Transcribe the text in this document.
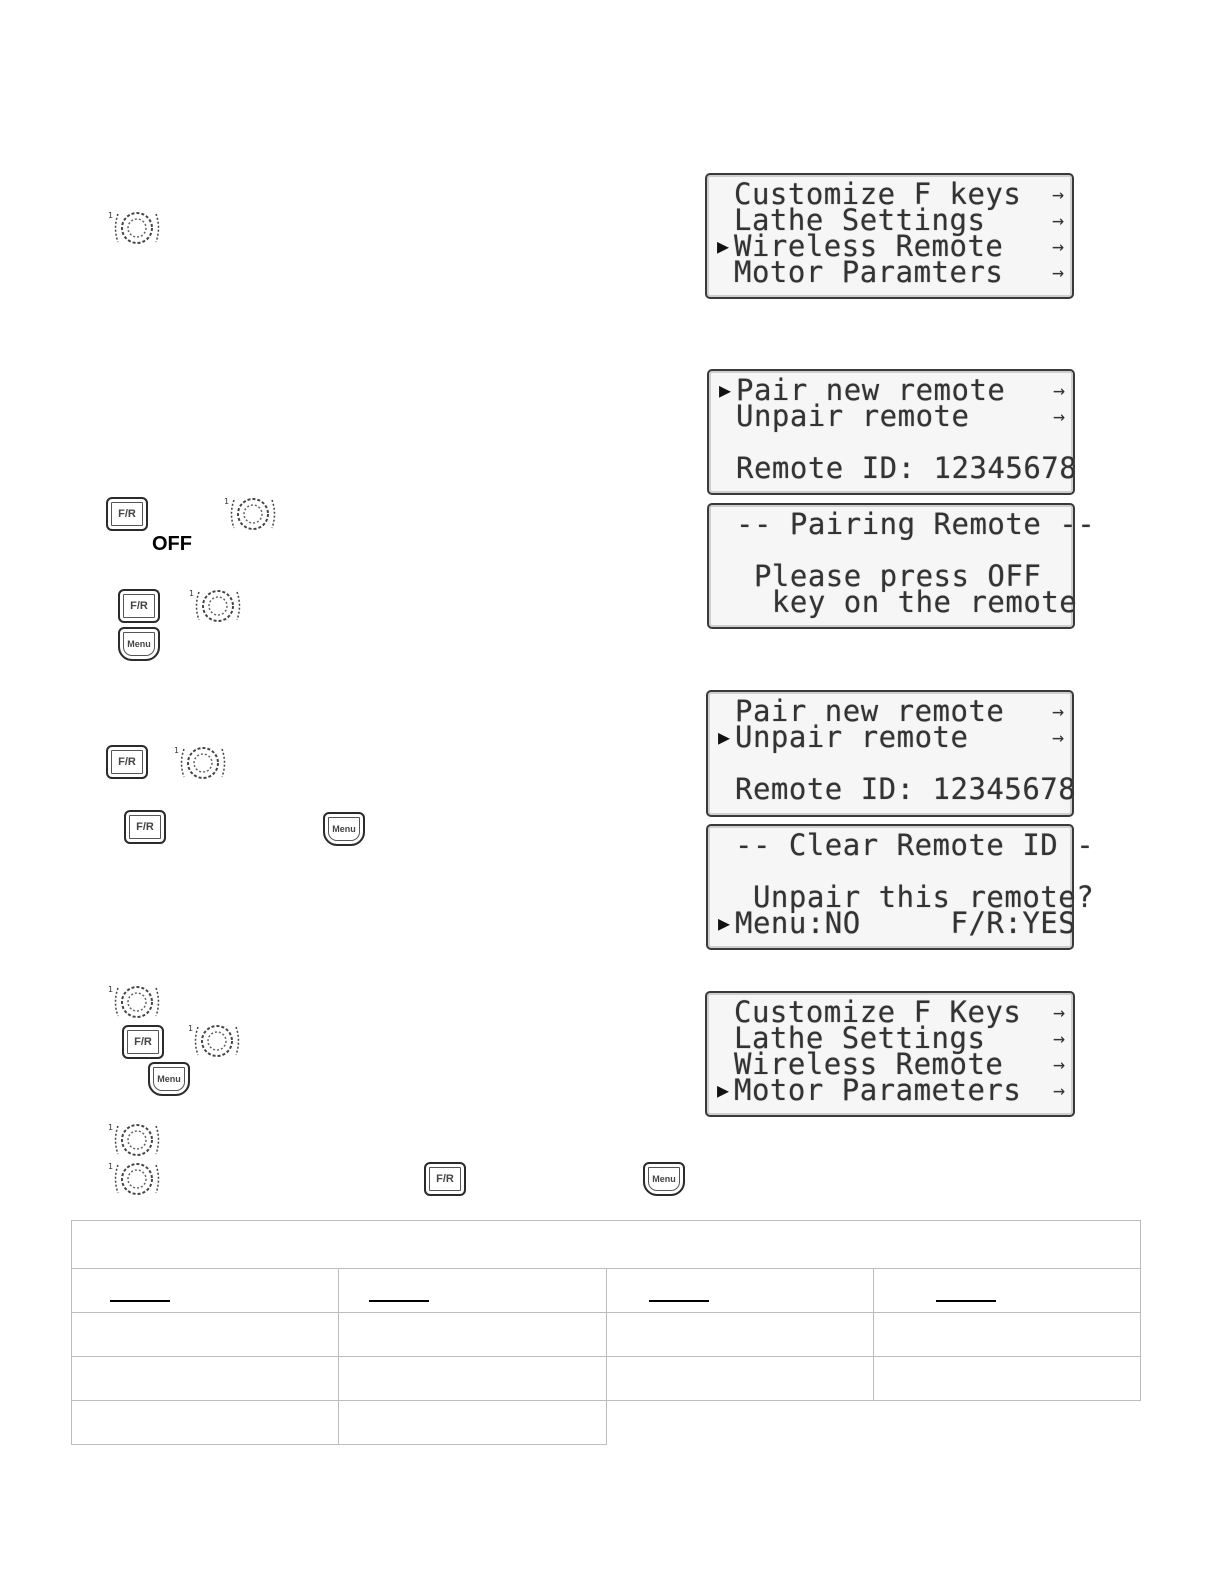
Customize F keys	→
Lathe Settings	→
▶ Wireless Remote	→
Motor Paramters	→
▶ Pair new remote	→
Unpair remote	→
Remote ID: 12345678
-- Pairing Remote --
Please press OFF
key on the remote
Pair new remote	→
▶ Unpair remote	→
Remote ID: 12345678
-- Clear Remote ID -
Unpair this remote?
▶ Menu:NO     F/R:YES
Customize F Keys	→
Lathe Settings	→
Wireless Remote	→
▶ Motor Parameters	→
1
1
1
1
1
1
1
1
F/R
F/R
F/R
F/R
F/R
F/R
Menu
Menu
Menu
Menu
OFF
